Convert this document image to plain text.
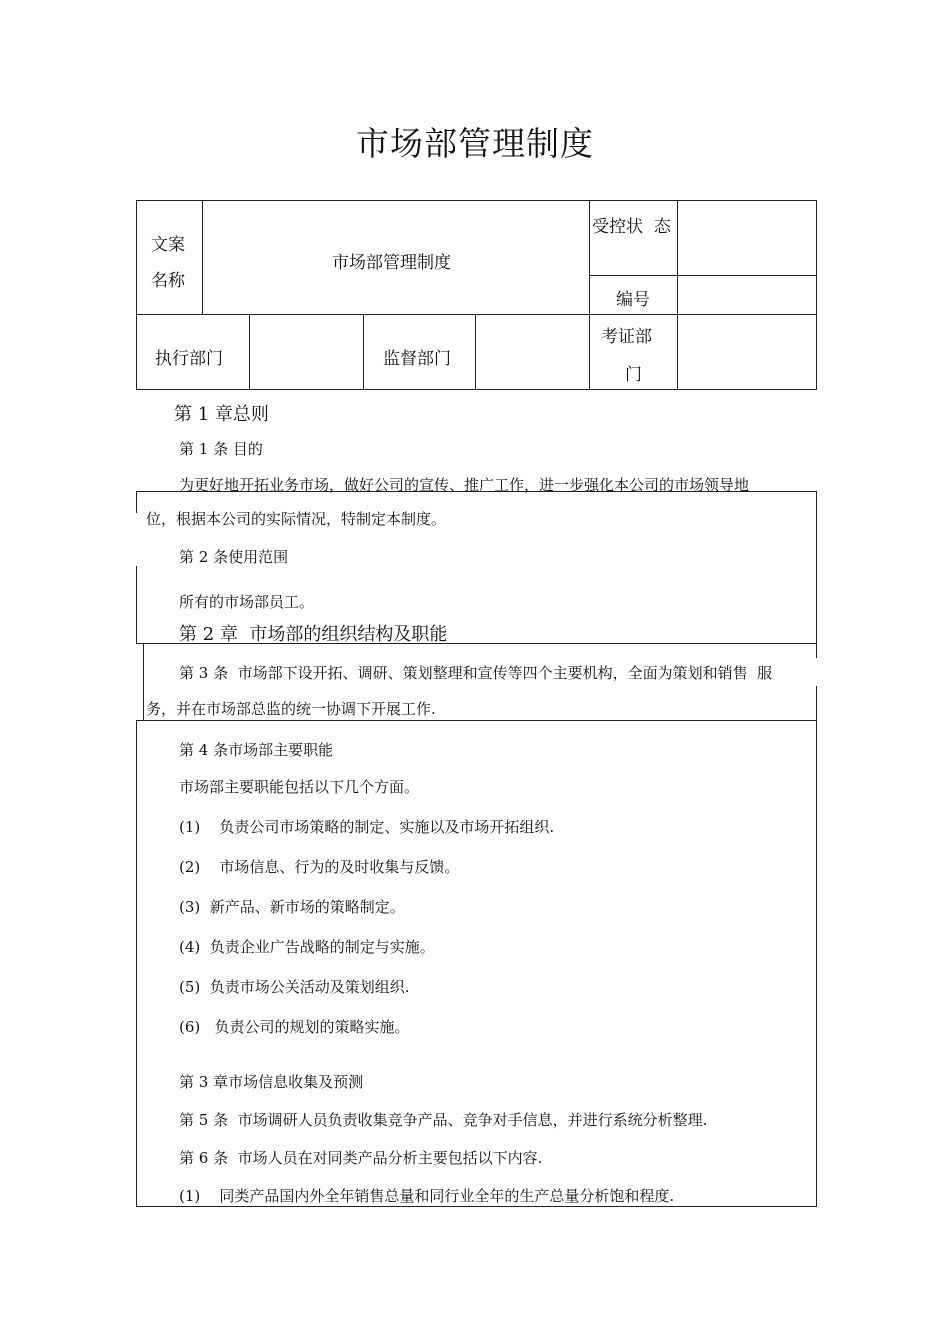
市场部管理制度
文案
名称
市场部管理制度
受控状  态
编号
执行部门	监督部门
考证部
门
第 1 章总则
第 1 条 目的
为更好地开拓业务市场，做好公司的宣传、推广工作，进一步强化本公司的市场领导地
位，根据本公司的实际情况，特制定本制度。
第 2 条使用范围
所有的市场部员工。
第 2 章  市场部的组织结构及职能
第 3 条  市场部下设开拓、调研、策划整理和宣传等四个主要机构，全面为策划和销售  服
务，并在市场部总监的统一协调下开展工作.
第 4 条市场部主要职能
市场部主要职能包括以下几个方面。
(1)    负责公司市场策略的制定、实施以及市场开拓组织.
(2)    市场信息、行为的及时收集与反馈。
(3)  新产品、新市场的策略制定。
(4)  负责企业广告战略的制定与实施。
(5)  负责市场公关活动及策划组织.
(6)   负责公司的规划的策略实施。
第 3 章市场信息收集及预测
第 5 条  市场调研人员负责收集竞争产品、竞争对手信息，并进行系统分析整理.
第 6 条  市场人员在对同类产品分析主要包括以下内容.
(1)    同类产品国内外全年销售总量和同行业全年的生产总量分析饱和程度.
